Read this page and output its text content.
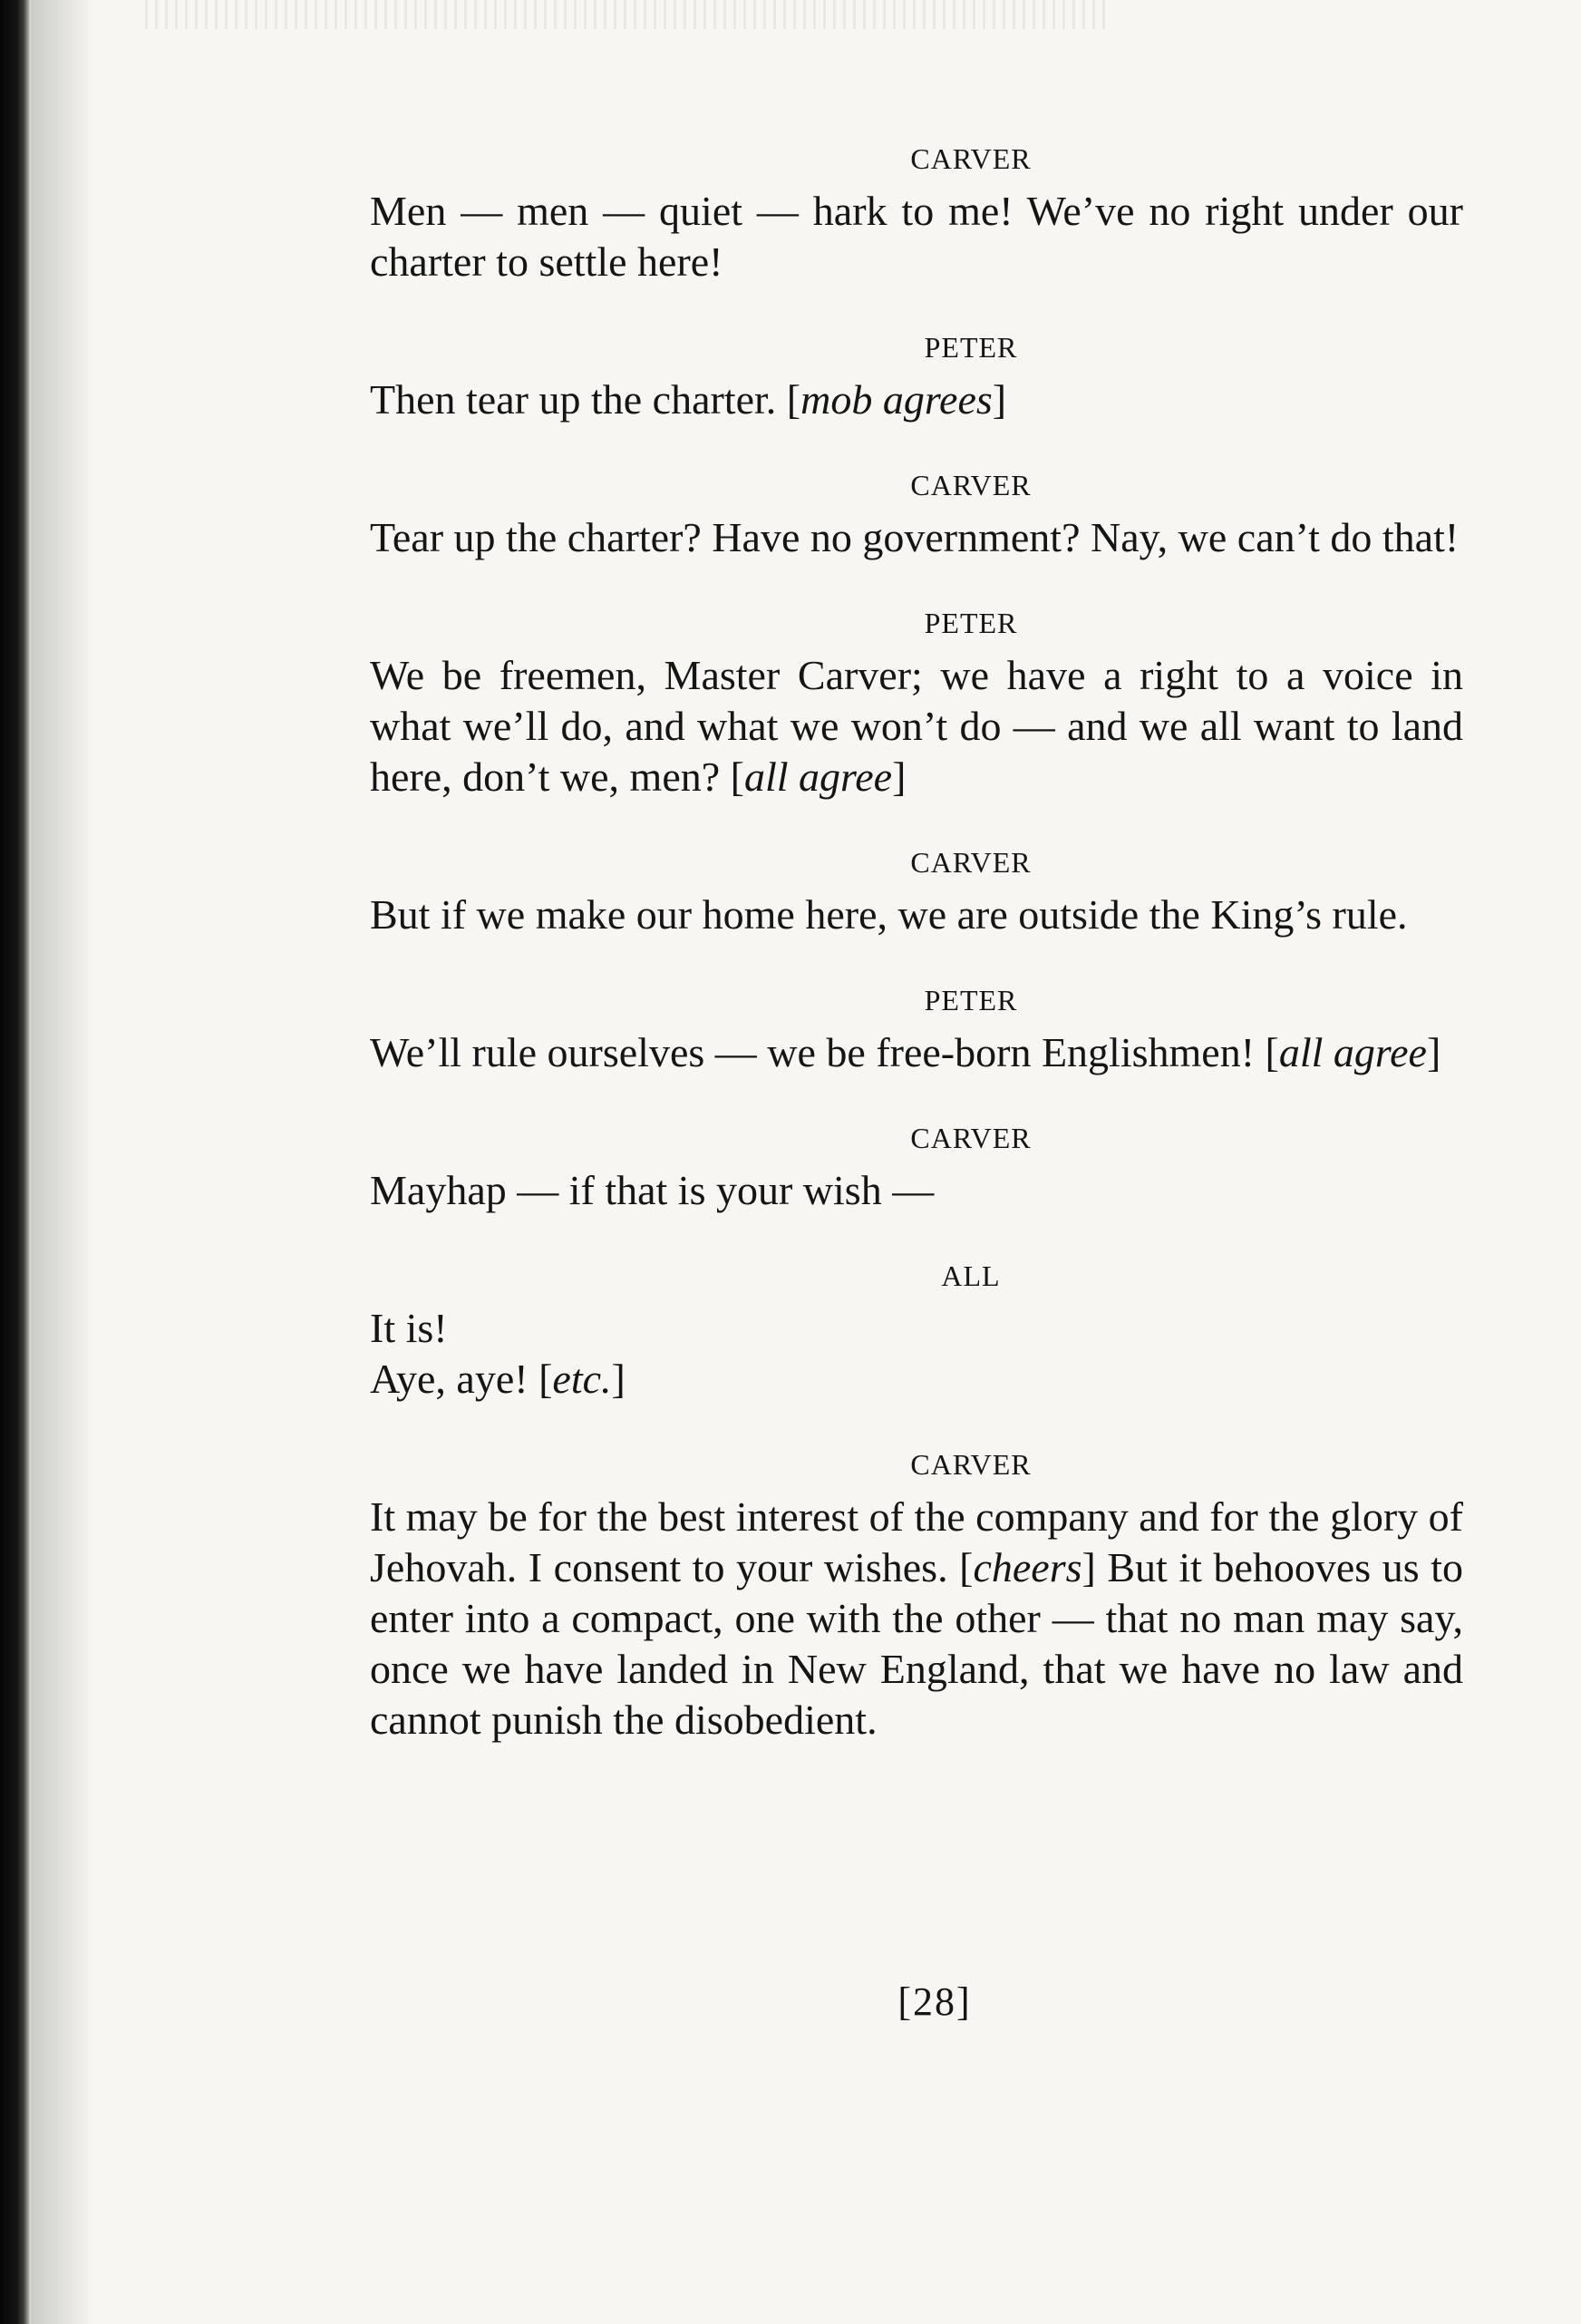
CARVER
Men — men — quiet — hark to me! We’ve no right under our charter to settle here!
PETER
Then tear up the charter. [mob agrees]
CARVER
Tear up the charter? Have no government? Nay, we can’t do that!
PETER
We be freemen, Master Carver; we have a right to a voice in what we’ll do, and what we won’t do — and we all want to land here, don’t we, men? [all agree]
CARVER
But if we make our home here, we are outside the King’s rule.
PETER
We’ll rule ourselves — we be free-born Englishmen! [all agree]
CARVER
Mayhap — if that is your wish —
ALL
It is!
Aye, aye! [etc.]
CARVER
It may be for the best interest of the company and for the glory of Jehovah. I consent to your wishes. [cheers] But it behooves us to enter into a compact, one with the other — that no man may say, once we have landed in New England, that we have no law and cannot punish the disobedient.
[28]
